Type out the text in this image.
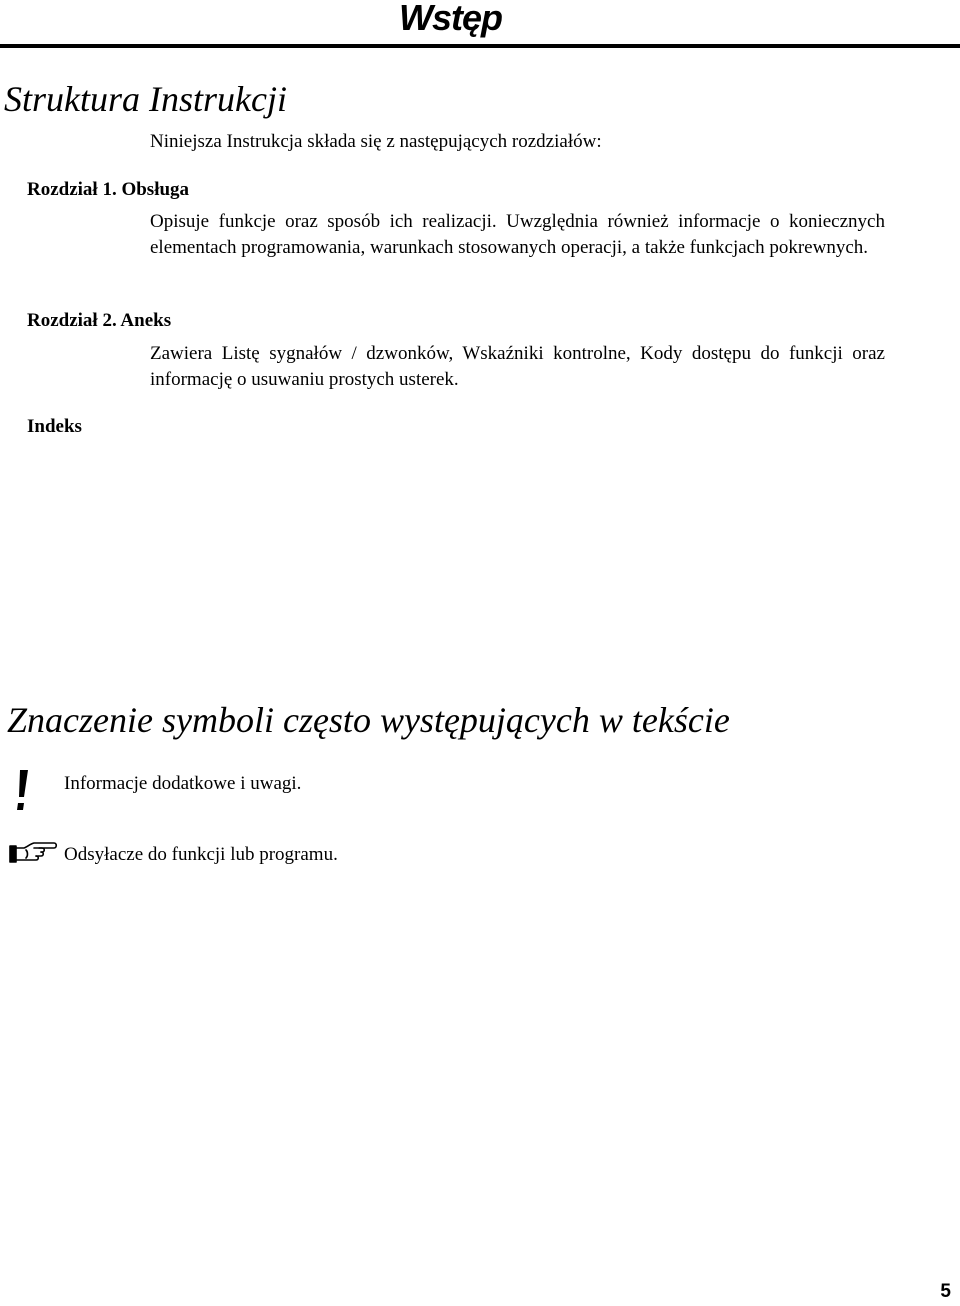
Wstęp
Struktura Instrukcji
Niniejsza Instrukcja składa się z następujących rozdziałów:
Rozdział 1. Obsługa
Opisuje funkcje oraz sposób ich realizacji. Uwzględnia również informacje o koniecznych elementach programowania, warunkach stosowanych operacji, a także funkcjach pokrewnych.
Rozdział 2. Aneks
Zawiera Listę sygnałów / dzwonków, Wskaźniki kontrolne, Kody dostępu do funkcji oraz informację o usuwaniu prostych usterek.
Indeks
Znaczenie symboli często występujących w tekście
Informacje dodatkowe i uwagi.
Odsyłacze do funkcji lub programu.
5
